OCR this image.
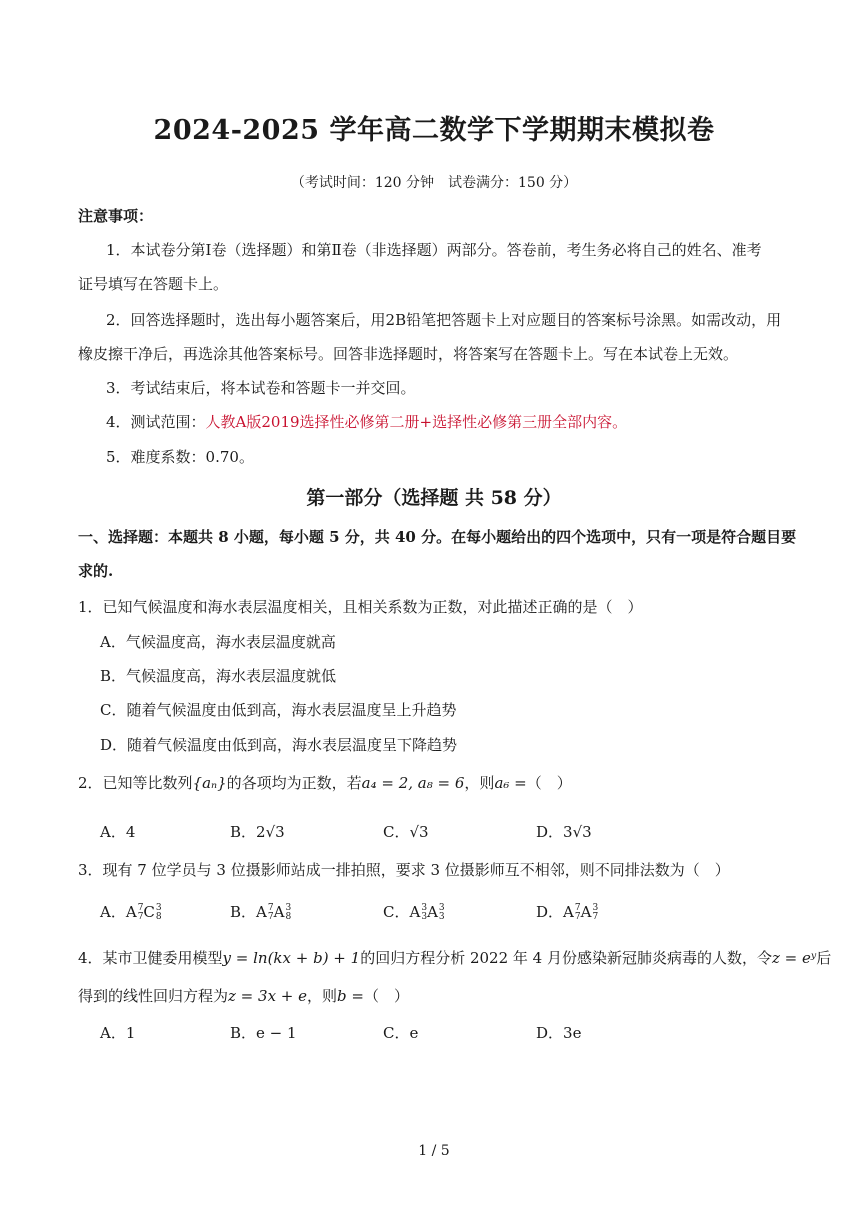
2024-2025 学年高二数学下学期期末模拟卷
（考试时间：120 分钟　试卷满分：150 分）
注意事项：
1．本试卷分第Ⅰ卷（选择题）和第Ⅱ卷（非选择题）两部分。答卷前，考生务必将自己的姓名、准考
证号填写在答题卡上。
2．回答选择题时，选出每小题答案后，用2B铅笔把答题卡上对应题目的答案标号涂黑。如需改动，用
橡皮擦干净后，再选涂其他答案标号。回答非选择题时，将答案写在答题卡上。写在本试卷上无效。
3．考试结束后，将本试卷和答题卡一并交回。
4．测试范围：人教A版2019选择性必修第二册+选择性必修第三册全部内容。
5．难度系数：0.70。
第一部分（选择题 共 58 分）
一、选择题：本题共 8 小题，每小题 5 分，共 40 分。在每小题给出的四个选项中，只有一项是符合题目要
求的.
1．已知气候温度和海水表层温度相关，且相关系数为正数，对此描述正确的是（　）
A．气候温度高，海水表层温度就高
B．气候温度高，海水表层温度就低
C．随着气候温度由低到高，海水表层温度呈上升趋势
D．随着气候温度由低到高，海水表层温度呈下降趋势
2．已知等比数列{aₙ}的各项均为正数，若a₄ = 2, a₈ = 6，则a₆ =（　）
A．4	B．2√3	C．√3	D．3√3
3．现有 7 位学员与 3 位摄影师站成一排拍照，要求 3 位摄影师互不相邻，则不同排法数为（　）
A．A 7
7 C 3
8	B．A 7
7 A 3
8	C．A 3
3 A 3
3	D．A 7
7 A 3
7
4．某市卫健委用模型y = ln(kx + b) + 1的回归方程分析 2022 年 4 月份感染新冠肺炎病毒的人数，令z = eʸ后
得到的线性回归方程为z = 3x + e，则b =（　）
A．1	B．e − 1	C．e	D．3e
1 / 5
